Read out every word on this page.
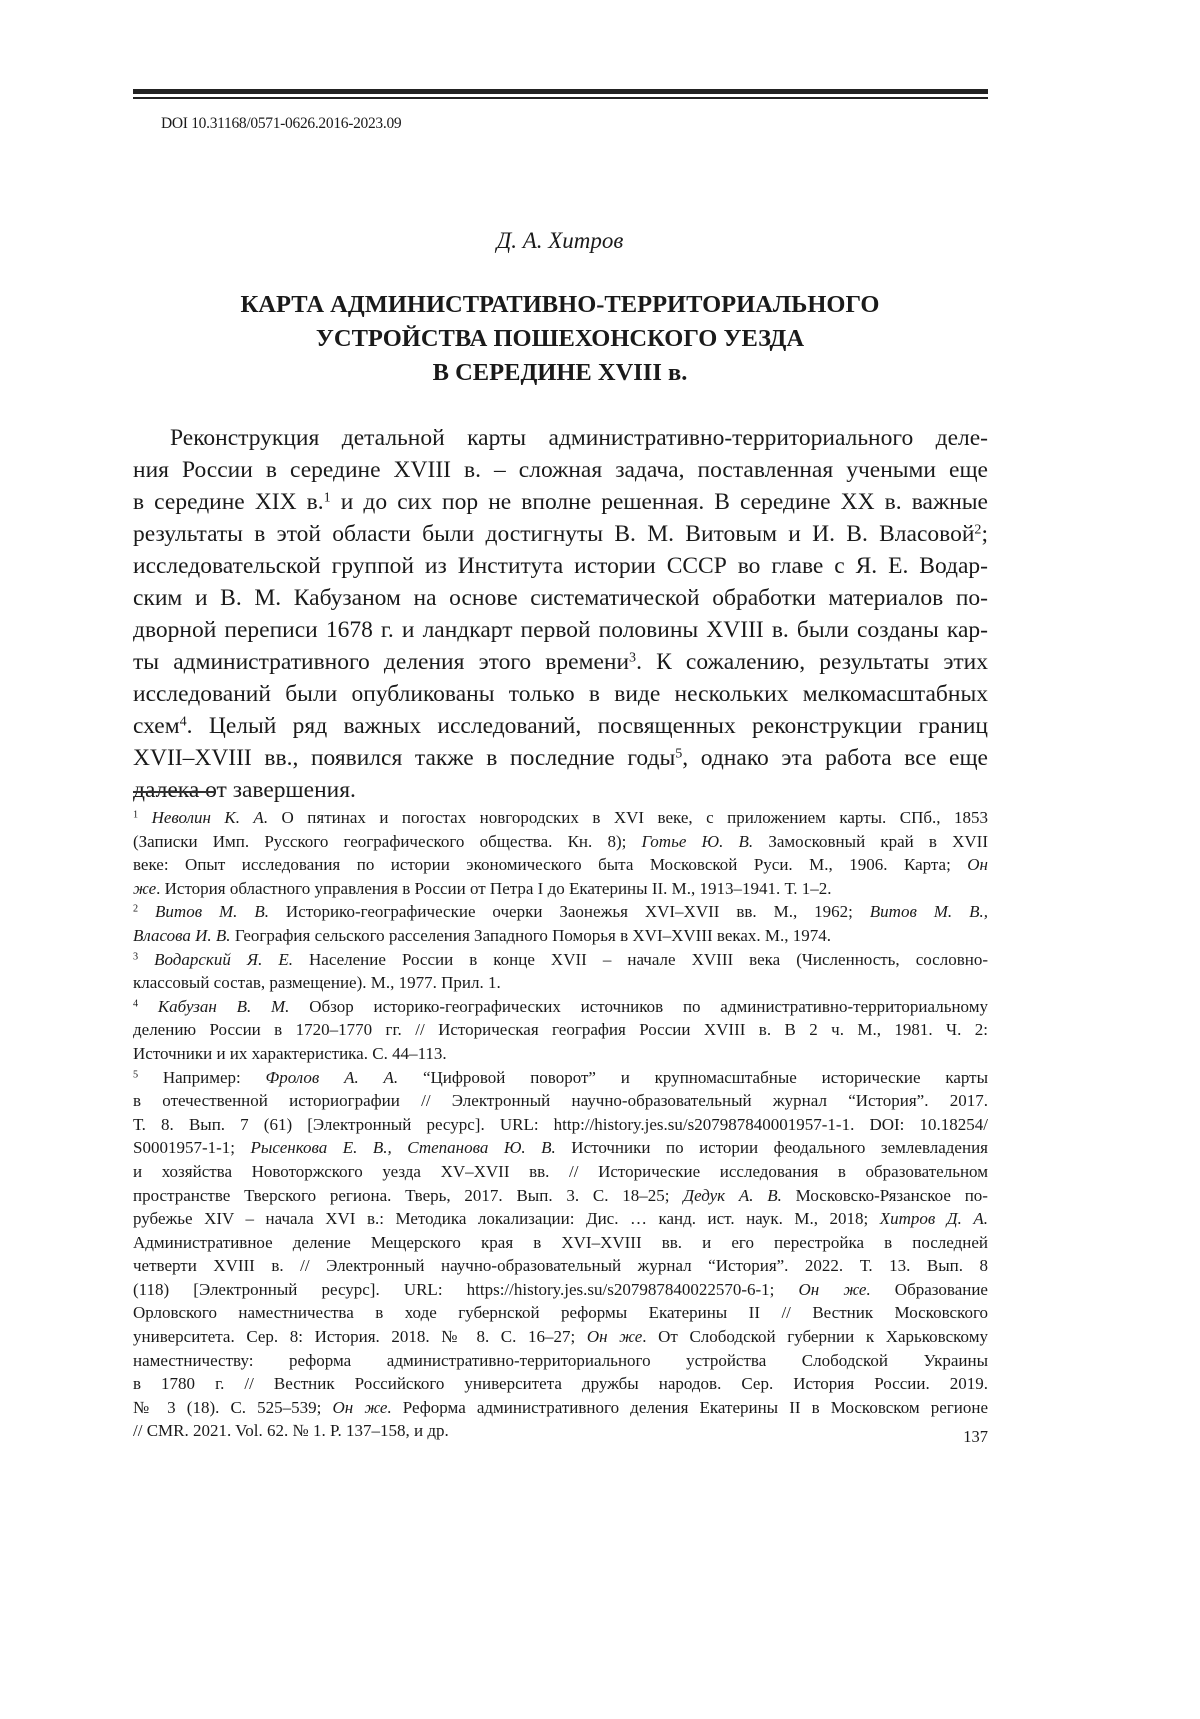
DOI 10.31168/0571-0626.2016-2023.09
Д. А. Хитров
КАРТА АДМИНИСТРАТИВНО-ТЕРРИТОРИАЛЬНОГО
УСТРОЙСТВА ПОШЕХОНСКОГО УЕЗДА
В СЕРЕДИНЕ XVIII в.
Реконструкция детальной карты административно-территориального деле-
ния России в середине XVIII в. – сложная задача, поставленная учеными еще
в середине XIX в.1 и до сих пор не вполне решенная. В середине XX в. важные
результаты в этой области были достигнуты В. М. Витовым и И. В. Власовой2;
исследовательской группой из Института истории СССР во главе с Я. Е. Водар-
ским и В. М. Кабузаном на основе систематической обработки материалов по-
дворной переписи 1678 г. и ландкарт первой половины XVIII в. были созданы кар-
ты административного деления этого времени3. К сожалению, результаты этих
исследований были опубликованы только в виде нескольких мелкомасштабных
схем4. Целый ряд важных исследований, посвященных реконструкции границ
XVII–XVIII вв., появился также в последние годы5, однако эта работа все еще
далека от завершения.
1 Неволин К. А. О пятинах и погостах новгородских в XVI веке, с приложением карты. СПб., 1853
(Записки Имп. Русского географического общества. Кн. 8); Готье Ю. В. Замосковный край в XVII
веке: Опыт исследования по истории экономического быта Московской Руси. М., 1906. Карта; Он
же. История областного управления в России от Петра I до Екатерины II. М., 1913–1941. Т. 1–2.
2 Витов М. В. Историко-географические очерки Заонежья XVI–XVII вв. М., 1962; Витов М. В.,
Власова И. В. География сельского расселения Западного Поморья в XVI–XVIII веках. М., 1974.
3 Водарский Я. Е. Население России в конце XVII – начале XVIII века (Численность, сословно-
классовый состав, размещение). М., 1977. Прил. 1.
4 Кабузан В. М. Обзор историко-географических источников по административно-территориальному
делению России в 1720–1770 гг. // Историческая география России XVIII в. В 2 ч. М., 1981. Ч. 2:
Источники и их характеристика. С. 44–113.
5 Например: Фролов А. А. “Цифровой поворот” и крупномасштабные исторические карты
в отечественной историографии // Электронный научно-образовательный журнал “История”. 2017.
Т. 8. Вып. 7 (61) [Электронный ресурс]. URL: http://history.jes.su/s207987840001957-1-1. DOI: 10.18254/
S0001957-1-1; Рысенкова Е. В., Степанова Ю. В. Источники по истории феодального землевладения
и хозяйства Новоторжского уезда XV–XVII вв. // Исторические исследования в образовательном
пространстве Тверского региона. Тверь, 2017. Вып. 3. С. 18–25; Дедук А. В. Московско-Рязанское по-
рубежье XIV – начала XVI в.: Методика локализации: Дис. … канд. ист. наук. М., 2018; Хитров Д. А.
Административное деление Мещерского края в XVI–XVIII вв. и его перестройка в последней
четверти XVIII в. // Электронный научно-образовательный журнал “История”. 2022. Т. 13. Вып. 8
(118) [Электронный ресурс]. URL: https://history.jes.su/s207987840022570-6-1; Он же. Образование
Орловского наместничества в ходе губернской реформы Екатерины II // Вестник Московского
университета. Сер. 8: История. 2018. № 8. С. 16–27; Он же. От Слободской губернии к Харьковскому
наместничеству: реформа административно-территориального устройства Слободской Украины
в 1780 г. // Вестник Российского университета дружбы народов. Сер. История России. 2019.
№ 3 (18). С. 525–539; Он же. Реформа административного деления Екатерины II в Московском регионе
// CMR. 2021. Vol. 62. № 1. P. 137–158, и др.	137
